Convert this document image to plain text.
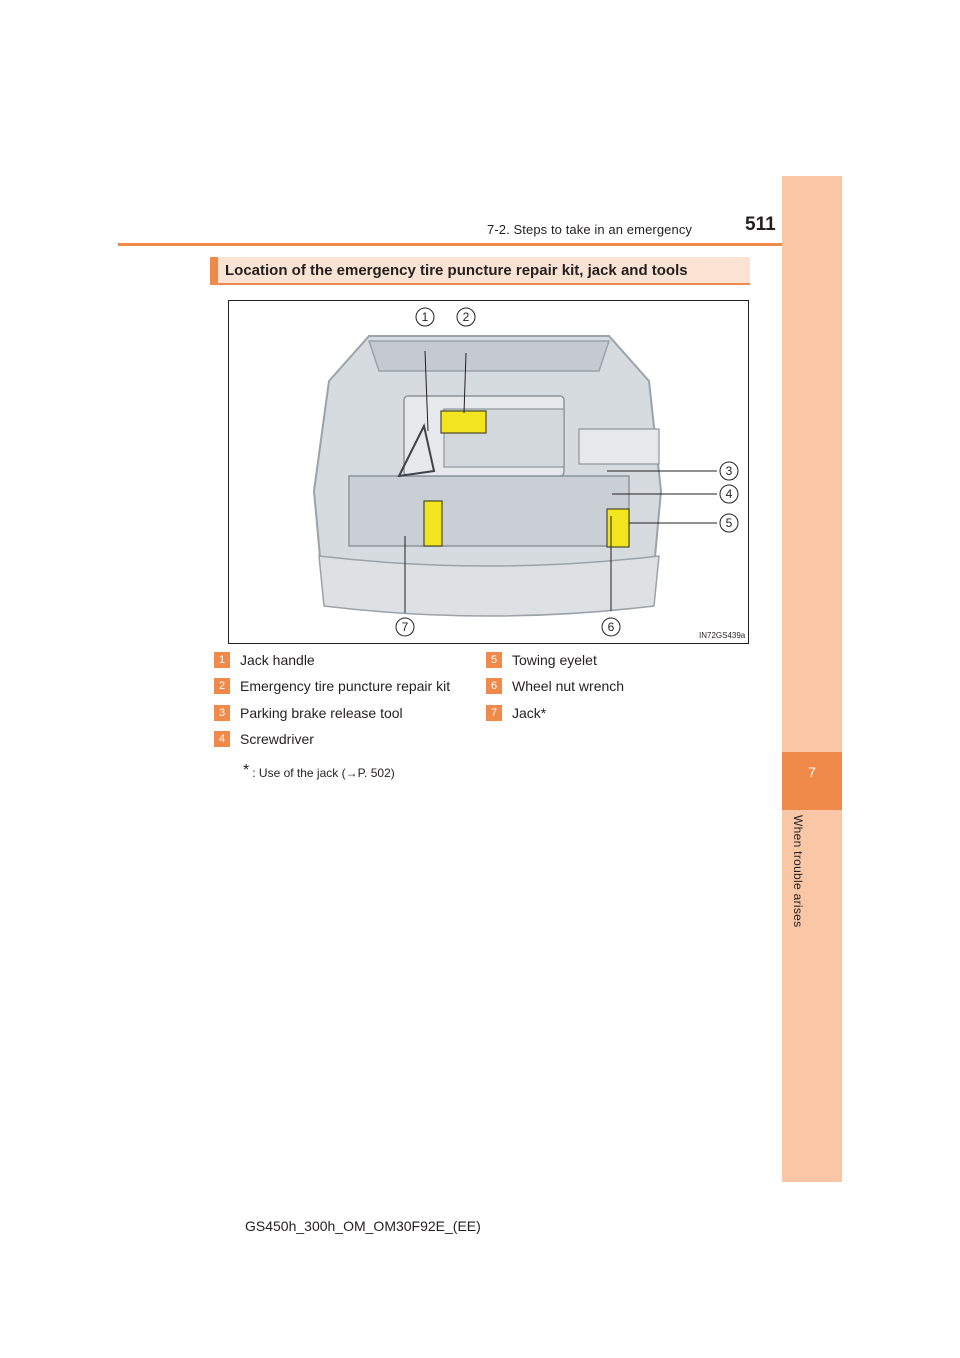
7-2. Steps to take in an emergency	511
7
When trouble arises
Location of the emergency tire puncture repair kit, jack and tools
1	2
3
4
5
6
7
IN72GS439a
1	Jack handle
2	Emergency tire puncture repair kit
3	Parking brake release tool
4	Screwdriver
5	Towing eyelet
6	Wheel nut wrench
7	Jack *
* : Use of the jack (→P. 502)
GS450h_300h_OM_OM30F92E_(EE)
